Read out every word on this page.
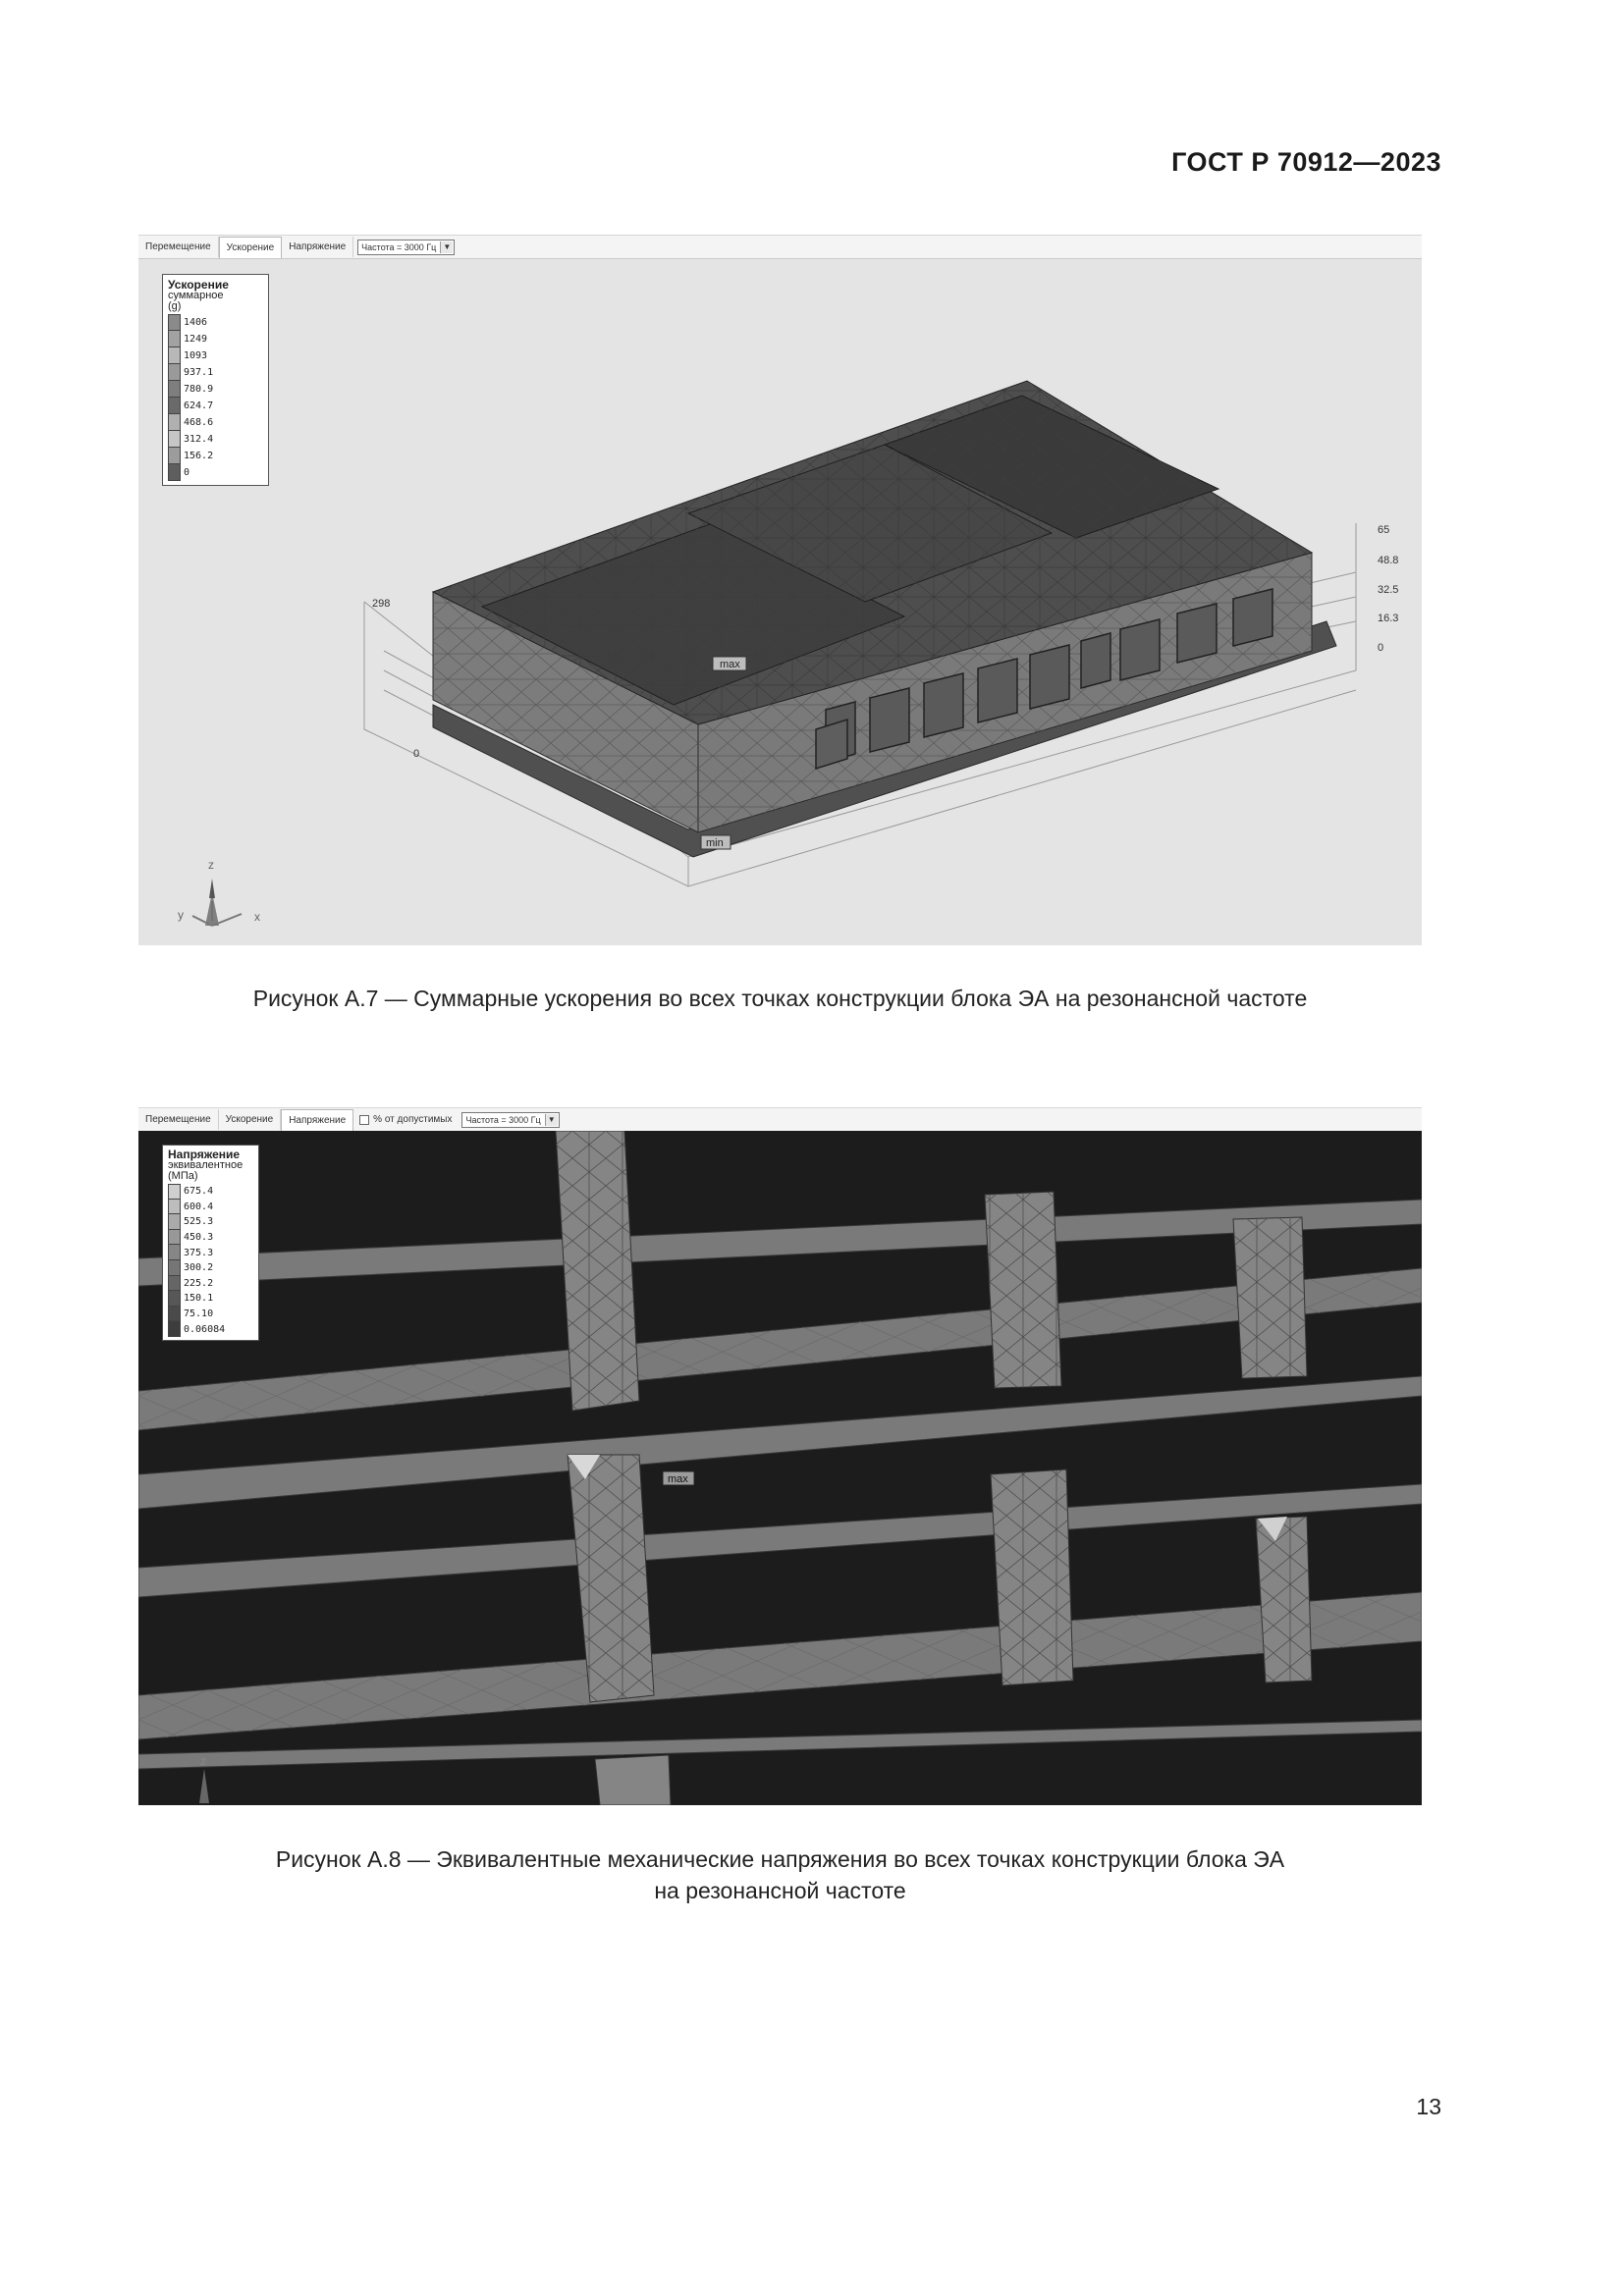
ГОСТ Р 70912—2023
Перемещение	Ускорение	Напряжение	Частота = 3000 Гц ▼
max
min
298
0
65
48.8
32.5
16.3
0
z
y	x
Ускорение
суммарное
(g)
1406
1249
1093
937.1
780.9
624.7
468.6
312.4
156.2
0
Рисунок А.7 — Суммарные ускорения во всех точках конструкции блока ЭА на резонансной частоте
Перемещение	Ускорение	Напряжение	% от допустимых	Частота = 3000 Гц ▼
max
z
Напряжение
эквивалентное
(МПа)
675.4
600.4
525.3
450.3
375.3
300.2
225.2
150.1
75.10
0.06084
Рисунок А.8 — Эквивалентные механические напряжения во всех точках конструкции блока ЭА
на резонансной частоте
13
